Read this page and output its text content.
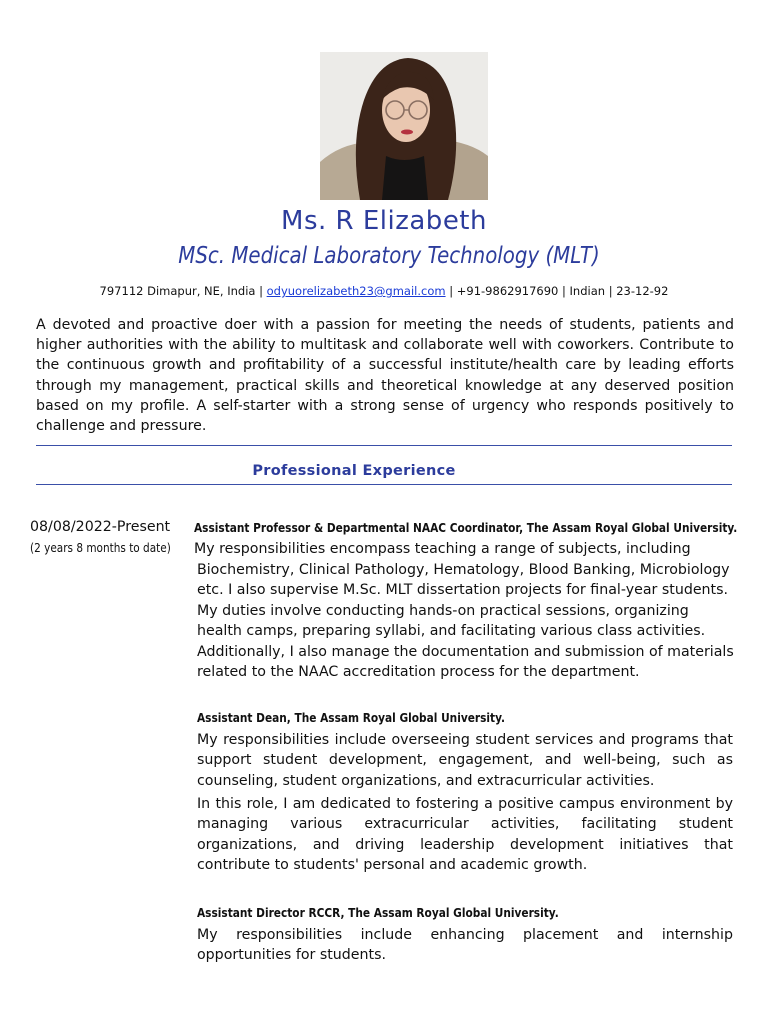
Ms. R Elizabeth
MSc. Medical Laboratory Technology (MLT)
797112 Dimapur, NE, India | odyuorelizabeth23@gmail.com | +91-9862917690 | Indian | 23-12-92

A devoted and proactive doer with a passion for meeting the needs of students, patients and higher authorities with the ability to multitask and collaborate well with coworkers. Contribute to the continuous growth and profitability of a successful institute/health care by leading efforts through my management, practical skills and theoretical knowledge at any deserved position based on my profile. A self-starter with a strong sense of urgency who responds positively to challenge and pressure.

Professional Experience
08/08/2022-Present
(2 years 8 months to date)
Assistant Professor & Departmental NAAC Coordinator, The Assam Royal Global University.

My responsibilities encompass teaching a range of subjects, including

Biochemistry, Clinical Pathology, Hematology, Blood Banking, Microbiology etc. I also supervise M.Sc. MLT dissertation projects for final-year students. My duties involve conducting hands-on practical sessions, organizing health camps, preparing syllabi, and facilitating various class activities. Additionally, I also manage the documentation and submission of materials related to the NAAC accreditation process for the department.

Assistant Dean, The Assam Royal Global University.

My responsibilities include overseeing student services and programs that support student development, engagement, and well-being, such as counseling, student organizations, and extracurricular activities.

In this role, I am dedicated to fostering a positive campus environment by managing various extracurricular activities, facilitating student organizations, and driving leadership development initiatives that contribute to students' personal and academic growth.

Assistant Director RCCR, The Assam Royal Global University.

My responsibilities include enhancing placement and internship opportunities for students.
